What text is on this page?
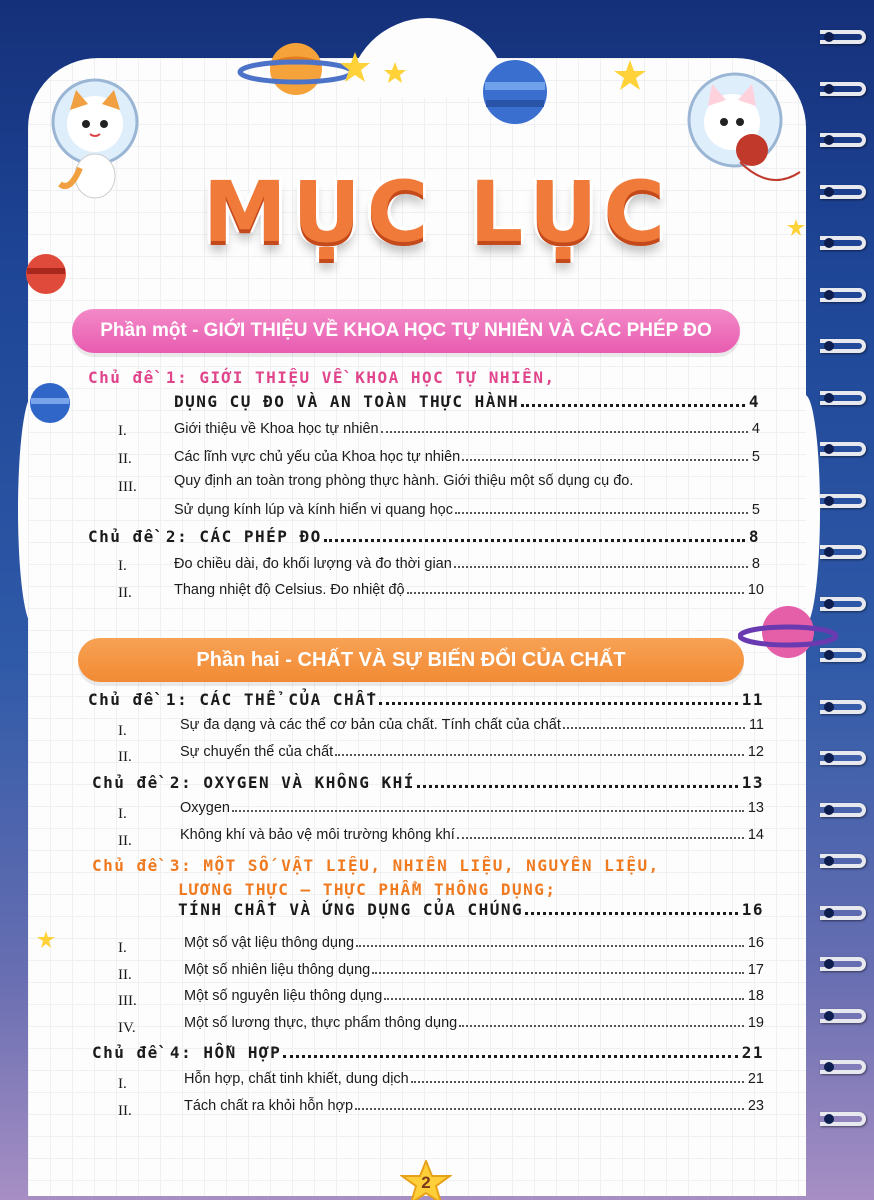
MỤC LỤC
Phần một - GIỚI THIỆU VỀ KHOA HỌC TỰ NHIÊN VÀ CÁC PHÉP ĐO
Chủ đề 1: GIỚI THIỆU VỀ KHOA HỌC TỰ NHIÊN,
DỤNG CỤ ĐO VÀ AN TOÀN THỰC HÀNH	4
I.	Giới thiệu về Khoa học tự nhiên	4
II.	Các lĩnh vực chủ yếu của Khoa học tự nhiên	5
III.	Quy định an toàn trong phòng thực hành. Giới thiệu một số dụng cụ đo.
Sử dụng kính lúp và kính hiển vi quang học	5
Chủ đề 2: CÁC PHÉP ĐO	8
I.	Đo chiều dài, đo khối lượng và đo thời gian	8
II.	Thang nhiệt độ Celsius. Đo nhiệt độ	10
Phần hai - CHẤT VÀ SỰ BIẾN ĐỔI CỦA CHẤT
Chủ đề 1: CÁC THỂ CỦA CHẤT	11
I.	Sự đa dạng và các thể cơ bản của chất. Tính chất của chất	11
II.	Sự chuyển thể của chất	12
Chủ đề 2: OXYGEN VÀ KHÔNG KHÍ	13
I.	Oxygen	13
II.	Không khí và bảo vệ môi trường không khí	14
Chủ đề 3: MỘT SỐ VẬT LIỆU, NHIÊN LIỆU, NGUYÊN LIỆU,
LƯƠNG THỰC – THỰC PHẨM THÔNG DỤNG;
TÍNH CHẤT VÀ ỨNG DỤNG CỦA CHÚNG	16
I.	Một số vật liệu thông dụng	16
II.	Một số nhiên liệu thông dụng	17
III.	Một số nguyên liệu thông dụng	18
IV.	Một số lương thực, thực phẩm thông dụng	19
Chủ đề 4: HỖN HỢP	21
I.	Hỗn hợp, chất tinh khiết, dung dịch	21
II.	Tách chất ra khỏi hỗn hợp	23
2
